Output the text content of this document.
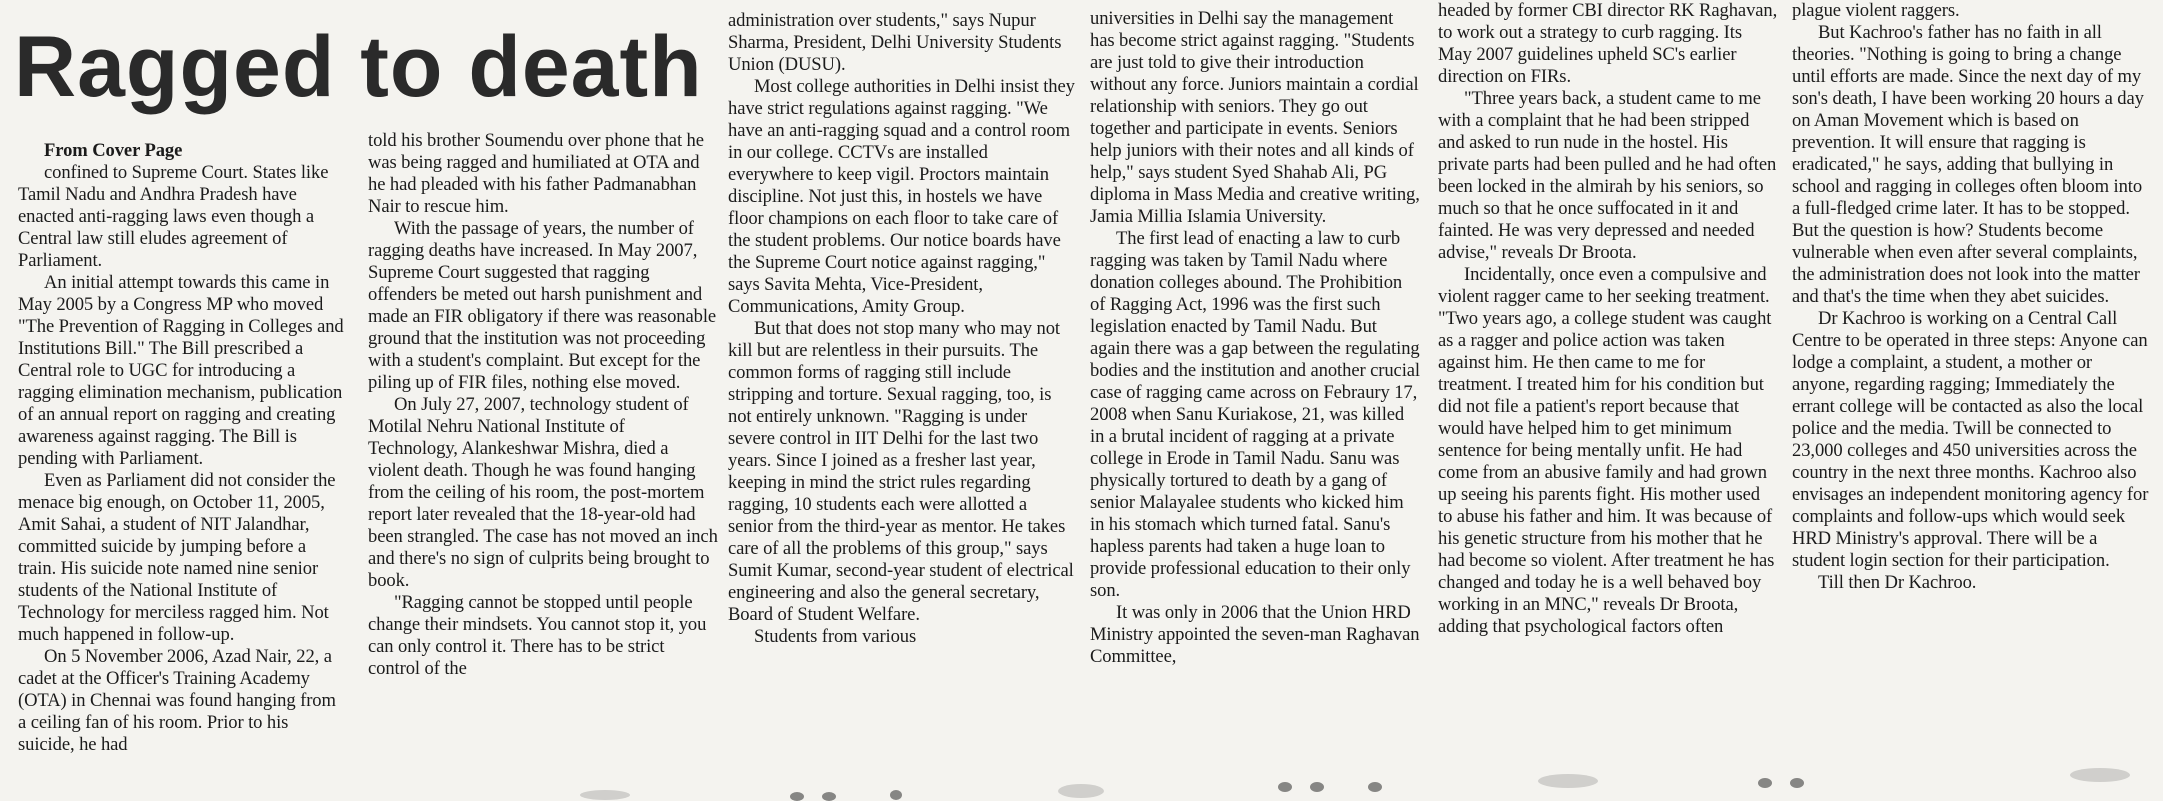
Ragged to death

From Cover Page

confined to Supreme Court. States like Tamil Nadu and Andhra Pradesh have enacted anti-ragging laws even though a Central law still eludes agreement of Parliament.

An initial attempt towards this came in May 2005 by a Congress MP who moved "The Prevention of Ragging in Colleges and Institutions Bill." The Bill prescribed a Central role to UGC for introducing a ragging elimination mechanism, publication of an annual report on ragging and creating awareness against ragging. The Bill is pending with Parliament.

Even as Parliament did not consider the menace big enough, on October 11, 2005, Amit Sahai, a student of NIT Jalandhar, committed suicide by jumping before a train. His suicide note named nine senior students of the National Institute of Technology for merciless ragged him. Not much happened in follow-up.

On 5 November 2006, Azad Nair, 22, a cadet at the Officer's Training Academy (OTA) in Chennai was found hanging from a ceiling fan of his room. Prior to his suicide, he had

told his brother Soumendu over phone that he was being ragged and humiliated at OTA and he had pleaded with his father Padmanabhan Nair to rescue him.

With the passage of years, the number of ragging deaths have increased. In May 2007, Supreme Court suggested that ragging offenders be meted out harsh punishment and made an FIR obligatory if there was reasonable ground that the institution was not proceeding with a student's complaint. But except for the piling up of FIR files, nothing else moved.

On July 27, 2007, technology student of Motilal Nehru National Institute of Technology, Alankeshwar Mishra, died a violent death. Though he was found hanging from the ceiling of his room, the post-mortem report later revealed that the 18-year-old had been strangled. The case has not moved an inch and there's no sign of culprits being brought to book.

"Ragging cannot be stopped until people change their mindsets. You cannot stop it, you can only control it. There has to be strict control of the

administration over students," says Nupur Sharma, President, Delhi University Students Union (DUSU).

Most college authorities in Delhi insist they have strict regulations against ragging. "We have an anti-ragging squad and a control room in our college. CCTVs are installed everywhere to keep vigil. Proctors maintain discipline. Not just this, in hostels we have floor champions on each floor to take care of the student problems. Our notice boards have the Supreme Court notice against ragging," says Savita Mehta, Vice-President, Communications, Amity Group.

But that does not stop many who may not kill but are relentless in their pursuits. The common forms of ragging still include stripping and torture. Sexual ragging, too, is not entirely unknown. "Ragging is under severe control in IIT Delhi for the last two years. Since I joined as a fresher last year, keeping in mind the strict rules regarding ragging, 10 students each were allotted a senior from the third-year as mentor. He takes care of all the problems of this group," says Sumit Kumar, second-year student of electrical engineering and also the general secretary, Board of Student Welfare.

Students from various

universities in Delhi say the management has become strict against ragging. "Students are just told to give their introduction without any force. Juniors maintain a cordial relationship with seniors. They go out together and participate in events. Seniors help juniors with their notes and all kinds of help," says student Syed Shahab Ali, PG diploma in Mass Media and creative writing, Jamia Millia Islamia University.

The first lead of enacting a law to curb ragging was taken by Tamil Nadu where donation colleges abound. The Prohibition of Ragging Act, 1996 was the first such legislation enacted by Tamil Nadu. But again there was a gap between the regulating bodies and the institution and another crucial case of ragging came across on Febraury 17, 2008 when Sanu Kuriakose, 21, was killed in a brutal incident of ragging at a private college in Erode in Tamil Nadu. Sanu was physically tortured to death by a gang of senior Malayalee students who kicked him in his stomach which turned fatal. Sanu's hapless parents had taken a huge loan to provide professional education to their only son.

It was only in 2006 that the Union HRD Ministry appointed the seven-man Raghavan Committee,

headed by former CBI director RK Raghavan, to work out a strategy to curb ragging. Its May 2007 guidelines upheld SC's earlier direction on FIRs.

"Three years back, a student came to me with a complaint that he had been stripped and asked to run nude in the hostel. His private parts had been pulled and he had often been locked in the almirah by his seniors, so much so that he once suffocated in it and fainted. He was very depressed and needed advise," reveals Dr Broota.

Incidentally, once even a compulsive and violent ragger came to her seeking treatment. "Two years ago, a college student was caught as a ragger and police action was taken against him. He then came to me for treatment. I treated him for his condition but did not file a patient's report because that would have helped him to get minimum sentence for being mentally unfit. He had come from an abusive family and had grown up seeing his parents fight. His mother used to abuse his father and him. It was because of his genetic structure from his mother that he had become so violent. After treatment he has changed and today he is a well behaved boy working in an MNC," reveals Dr Broota, adding that psychological factors often

plague violent raggers.

But Kachroo's father has no faith in all theories. "Nothing is going to bring a change until efforts are made. Since the next day of my son's death, I have been working 20 hours a day on Aman Movement which is based on prevention. It will ensure that ragging is eradicated," he says, adding that bullying in school and ragging in colleges often bloom into a full-fledged crime later. It has to be stopped. But the question is how? Students become vulnerable when even after several complaints, the administration does not look into the matter and that's the time when they abet suicides.

Dr Kachroo is working on a Central Call Centre to be operated in three steps: Anyone can lodge a complaint, a student, a mother or anyone, regarding ragging; Immediately the errant college will be contacted as also the local police and the media. Twill be connected to 23,000 colleges and 450 universities across the country in the next three months. Kachroo also envisages an independent monitoring agency for complaints and follow-ups which would seek HRD Ministry's approval. There will be a student login section for their participation.

Till then Dr Kachroo.
